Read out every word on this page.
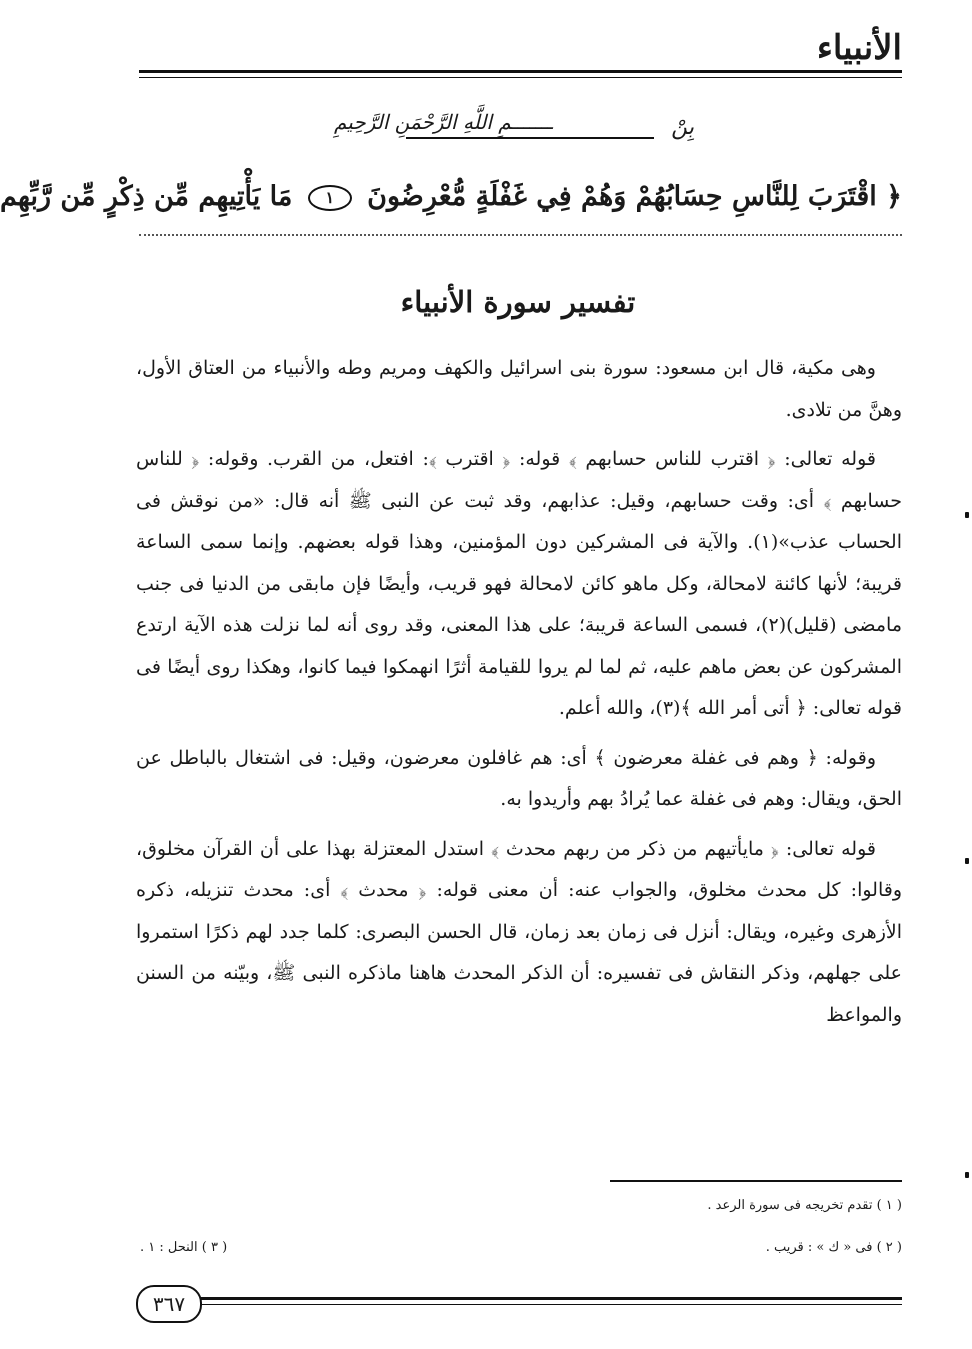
الأنبياء
بِنْ
ـــــــمِ اللَّهِ الرَّحْمَنِ الرَّحِيمِ
﴿ اقْتَرَبَ لِلنَّاسِ حِسَابُهُمْ وَهُمْ فِي غَفْلَةٍ مُّعْرِضُونَ ١ مَا يَأْتِيهِم مِّن ذِكْرٍ مِّن رَّبِّهِم
تفسير سورة الأنبياء

وهى مكية، قال ابن مسعود: سورة بنى اسرائيل والكهف ومريم وطه والأنبياء من العتاق الأول، وهنَّ من تلادى.

قوله تعالى: ﴿ اقترب للناس حسابهم ﴾ قوله: ﴿ اقترب ﴾: افتعل، من القرب. وقوله: ﴿ للناس حسابهم ﴾ أى: وقت حسابهم، وقيل: عذابهم، وقد ثبت عن النبى ﷺ أنه قال: «من نوقش فى الحساب عذب»(١). والآية فى المشركين دون المؤمنين، وهذا قوله بعضهم. وإنما سمى الساعة قريبة؛ لأنها كائنة لامحالة، وكل ماهو كائن لامحالة فهو قريب، وأيضًا فإن مابقى من الدنيا فى جنب مامضى (قليل)(٢)، فسمى الساعة قريبة؛ على هذا المعنى، وقد روى أنه لما نزلت هذه الآية ارتدع المشركون عن بعض ماهم عليه، ثم لما لم يروا للقيامة أثرًا انهمكوا فيما كانوا، وهكذا روى أيضًا فى قوله تعالى: ﴿ أتى أمر الله ﴾(٣)، والله أعلم.

وقوله: ﴿ وهم فى غفلة معرضون ﴾ أى: هم غافلون معرضون، وقيل: فى اشتغال بالباطل عن الحق، ويقال: وهم فى غفلة عما يُرادُ بهم وأريدوا به.

قوله تعالى: ﴿ مايأتيهم من ذكر من ربهم محدث ﴾ استدل المعتزلة بهذا على أن القرآن مخلوق، وقالوا: كل محدث مخلوق، والجواب عنه: أن معنى قوله: ﴿ محدث ﴾ أى: محدث تنزيله، ذكره الأزهرى وغيره، ويقال: أنزل فى زمان بعد زمان، قال الحسن البصرى: كلما جدد لهم ذكرًا استمروا على جهلهم، وذكر النقاش فى تفسيره: أن الذكر المحدث هاهنا ماذكره النبى ﷺ، وبيّنه من السنن والمواعظ

( ١ ) تقدم تخريجه فى سورة الرعد .
( ٢ ) فى « ك » : قريب .
( ٣ ) النحل : ١ .
٣٦٧
